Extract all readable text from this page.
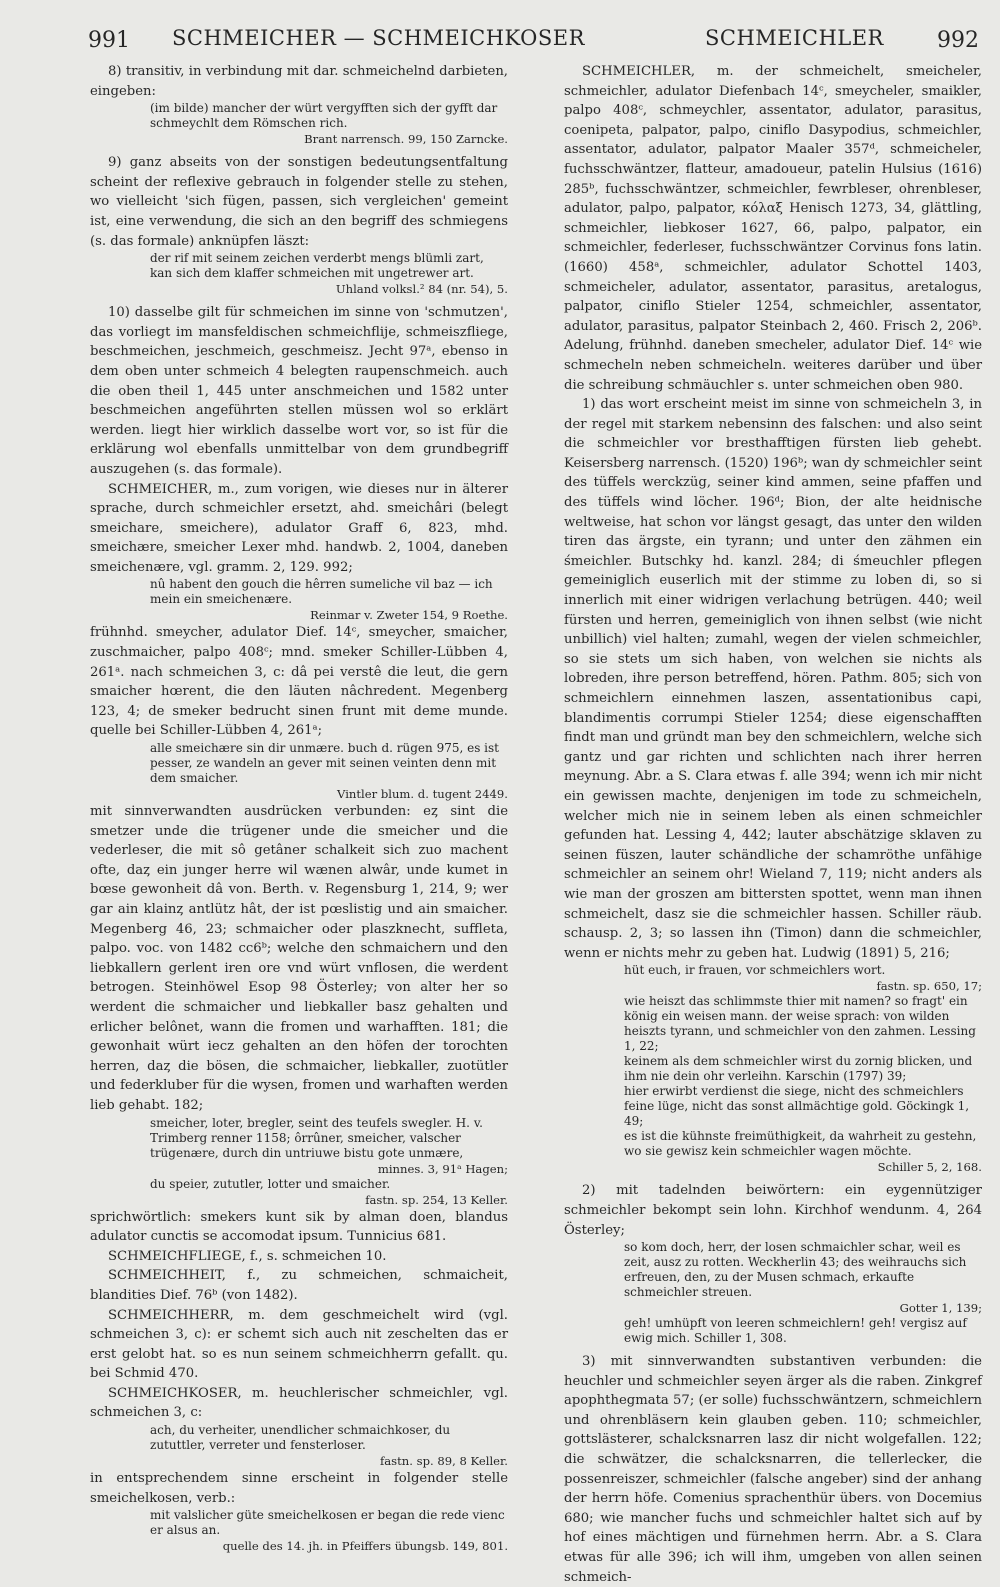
991 SCHMEICHER — SCHMEICHKOSER	SCHMEICHLER 992

8) transitiv, in verbindung mit dar. schmeichelnd darbieten, eingeben:

(im bilde) mancher der würt vergyfften sich der gyfft dar schmeychlt dem Römschen rich.

Brant narrensch. 99, 150 Zarncke.

9) ganz abseits von der sonstigen bedeutungsentfaltung scheint der reflexive gebrauch in folgender stelle zu stehen, wo vielleicht 'sich fügen, passen, sich vergleichen' gemeint ist, eine verwendung, die sich an den begriff des schmiegens (s. das formale) anknüpfen läszt:

der rif mit seinem zeichen verderbt mengs blümli zart, kan sich dem klaffer schmeichen mit ungetrewer art.

Uhland volksl.² 84 (nr. 54), 5.

10) dasselbe gilt für schmeichen im sinne von 'schmutzen', das vorliegt im mansfeldischen schmeichflije, schmeiszfliege, beschmeichen, jeschmeich, geschmeisz. Jecht 97ᵃ, ebenso in dem oben unter schmeich 4 belegten raupenschmeich. auch die oben theil 1, 445 unter anschmeichen und 1582 unter beschmeichen angeführten stellen müssen wol so erklärt werden. liegt hier wirklich dasselbe wort vor, so ist für die erklärung wol ebenfalls unmittelbar von dem grundbegriff auszugehen (s. das formale).

SCHMEICHER, m., zum vorigen, wie dieses nur in älterer sprache, durch schmeichler ersetzt, ahd. smeichâri (belegt smeichare, smeichere), adulator Graff 6, 823, mhd. smeichære, smeicher Lexer mhd. handwb. 2, 1004, daneben smeichenære, vgl. gramm. 2, 129. 992;

nû habent den gouch die hêrren sumeliche vil baz — ich mein ein smeichenære.

Reinmar v. Zweter 154, 9 Roethe.

frühnhd. smeycher, adulator Dief. 14ᶜ, smeycher, smaicher, zuschmaicher, palpo 408ᶜ; mnd. smeker Schiller-Lübben 4, 261ᵃ. nach schmeichen 3, c: dâ pei verstê die leut, die gern smaicher hœrent, die den läuten nâchredent. Megenberg 123, 4; de smeker bedrucht sinen frunt mit deme munde. quelle bei Schiller-Lübben 4, 261ᵃ;

alle smeichære sin dir unmære. buch d. rügen 975, es ist pesser, ze wandeln an gever mit seinen veinten denn mit dem smaicher.

Vintler blum. d. tugent 2449.

mit sinnverwandten ausdrücken verbunden: eȥ sint die smetzer unde die trügener unde die smeicher und die vederleser, die mit sô getâner schalkeit sich zuo machent ofte, daȥ ein junger herre wil wænen alwâr, unde kumet in bœse gewonheit dâ von. Berth. v. Regensburg 1, 214, 9; wer gar ain klainȥ antlütz hât, der ist pœslistig und ain smaicher. Megenberg 46, 23; schmaicher oder plaszknecht, suffleta, palpo. voc. von 1482 cc6ᵇ; welche den schmaichern und den liebkallern gerlent iren ore vnd würt vnflosen, die werdent betrogen. Steinhöwel Esop 98 Österley; von alter her so werdent die schmaicher und liebkaller basz gehalten und erlicher belônet, wann die fromen und warhafften. 181; die gewonhait würt iecz gehalten an den höfen der torochten herren, daȥ die bösen, die schmaicher, liebkaller, zuotütler und federkluber für die wysen, fromen und warhaften werden lieb gehabt. 182;

smeicher, loter, bregler, seint des teufels swegler. H. v. Trimberg renner 1158; ôrrûner, smeicher, valscher trügenære, durch din untriuwe bistu gote unmære,

minnes. 3, 91ᵃ Hagen;

du speier, zututler, lotter und smaicher.

fastn. sp. 254, 13 Keller.

sprichwörtlich: smekers kunt sik by alman doen, blandus adulator cunctis se accomodat ipsum. Tunnicius 681.

SCHMEICHFLIEGE, f., s. schmeichen 10.

SCHMEICHHEIT, f., zu schmeichen, schmaicheit, blandities Dief. 76ᵇ (von 1482).

SCHMEICHHERR, m. dem geschmeichelt wird (vgl. schmeichen 3, c): er schemt sich auch nit zeschelten das er erst gelobt hat. so es nun seinem schmeichherrn gefallt. qu. bei Schmid 470.

SCHMEICHKOSER, m. heuchlerischer schmeichler, vgl. schmeichen 3, c:

ach, du verheiter, unendlicher schmaichkoser, du zututtler, verreter und fensterloser.

fastn. sp. 89, 8 Keller.

in entsprechendem sinne erscheint in folgender stelle smeichelkosen, verb.:

mit valslicher güte smeichelkosen er began die rede vienc er alsus an.

quelle des 14. jh. in Pfeiffers übungsb. 149, 801.

SCHMEICHLER, m. der schmeichelt, smeicheler, schmeichler, adulator Diefenbach 14ᶜ, smeycheler, smaikler, palpo 408ᶜ, schmeychler, assentator, adulator, parasitus, coenipeta, palpator, palpo, ciniflo Dasypodius, schmeichler, assentator, adulator, palpator Maaler 357ᵈ, schmeicheler, fuchsschwäntzer, flatteur, amadoueur, patelin Hulsius (1616) 285ᵇ, fuchsschwäntzer, schmeichler, fewrbleser, ohrenbleser, adulator, palpo, palpator, κόλαξ Henisch 1273, 34, glättling, schmeichler, liebkoser 1627, 66, palpo, palpator, ein schmeichler, federleser, fuchsschwäntzer Corvinus fons latin. (1660) 458ᵃ, schmeichler, adulator Schottel 1403, schmeicheler, adulator, assentator, parasitus, aretalogus, palpator, ciniflo Stieler 1254, schmeichler, assentator, adulator, parasitus, palpator Steinbach 2, 460. Frisch 2, 206ᵇ. Adelung, frühnhd. daneben smecheler, adulator Dief. 14ᶜ wie schmecheln neben schmeicheln. weiteres darüber und über die schreibung schmäuchler s. unter schmeichen oben 980.

1) das wort erscheint meist im sinne von schmeicheln 3, in der regel mit starkem nebensinn des falschen: und also seint die schmeichler vor bresthafftigen fürsten lieb gehebt. Keisersberg narrensch. (1520) 196ᵇ; wan dy schmeichler seint des tüffels werckzüg, seiner kind ammen, seine pfaffen und des tüffels wind löcher. 196ᵈ; Bion, der alte heidnische weltweise, hat schon vor längst gesagt, das unter den wilden tiren das ärgste, ein tyrann; und unter den zähmen ein śmeichler. Butschky hd. kanzl. 284; di śmeuchler pflegen gemeiniglich euserlich mit der stimme zu loben di, so si innerlich mit einer widrigen verlachung betrügen. 440; weil fürsten und herren, gemeiniglich von ihnen selbst (wie nicht unbillich) viel halten; zumahl, wegen der vielen schmeichler, so sie stets um sich haben, von welchen sie nichts als lobreden, ihre person betreffend, hören. Pathm. 805; sich von schmeichlern einnehmen laszen, assentationibus capi, blandimentis corrumpi Stieler 1254; diese eigenschafften findt man und gründt man bey den schmeichlern, welche sich gantz und gar richten und schlichten nach ihrer herren meynung. Abr. a S. Clara etwas f. alle 394; wenn ich mir nicht ein gewissen machte, denjenigen im tode zu schmeicheln, welcher mich nie in seinem leben als einen schmeichler gefunden hat. Lessing 4, 442; lauter abschätzige sklaven zu seinen füszen, lauter schändliche der schamröthe unfähige schmeichler an seinem ohr! Wieland 7, 119; nicht anders als wie man der groszen am bittersten spottet, wenn man ihnen schmeichelt, dasz sie die schmeichler hassen. Schiller räub. schausp. 2, 3; so lassen ihn (Timon) dann die schmeichler, wenn er nichts mehr zu geben hat. Ludwig (1891) 5, 216;

hüt euch, ir frauen, vor schmeichlers wort.

fastn. sp. 650, 17;

wie heiszt das schlimmste thier mit namen? so fragt' ein könig ein weisen mann. der weise sprach: von wilden heiszts tyrann, und schmeichler von den zahmen. Lessing 1, 22;

keinem als dem schmeichler wirst du zornig blicken, und ihm nie dein ohr verleihn. Karschin (1797) 39;

hier erwirbt verdienst die siege, nicht des schmeichlers feine lüge, nicht das sonst allmächtige gold. Göckingk 1, 49;

es ist die kühnste freimüthigkeit, da wahrheit zu gestehn, wo sie gewisz kein schmeichler wagen möchte.

Schiller 5, 2, 168.

2) mit tadelnden beiwörtern: ein eygennütziger schmeichler bekompt sein lohn. Kirchhof wendunm. 4, 264 Österley;

so kom doch, herr, der losen schmaichler schar, weil es zeit, ausz zu rotten. Weckherlin 43; des weihrauchs sich erfreuen, den, zu der Musen schmach, erkaufte schmeichler streuen.

Gotter 1, 139;

geh! umhüpft von leeren schmeichlern! geh! vergisz auf ewig mich. Schiller 1, 308.

3) mit sinnverwandten substantiven verbunden: die heuchler und schmeichler seyen ärger als die raben. Zinkgref apophthegmata 57; (er solle) fuchsschwäntzern, schmeichlern und ohrenbläsern kein glauben geben. 110; schmeichler, gottslästerer, schalcksnarren lasz dir nicht wolgefallen. 122; die schwätzer, die schalcksnarren, die tellerlecker, die possenreiszer, schmeichler (falsche angeber) sind der anhang der herrn höfe. Comenius sprachenthür übers. von Docemius 680; wie mancher fuchs und schmeichler haltet sich auf by hof eines mächtigen und fürnehmen herrn. Abr. a S. Clara etwas für alle 396; ich will ihm, umgeben von allen seinen schmeich-
